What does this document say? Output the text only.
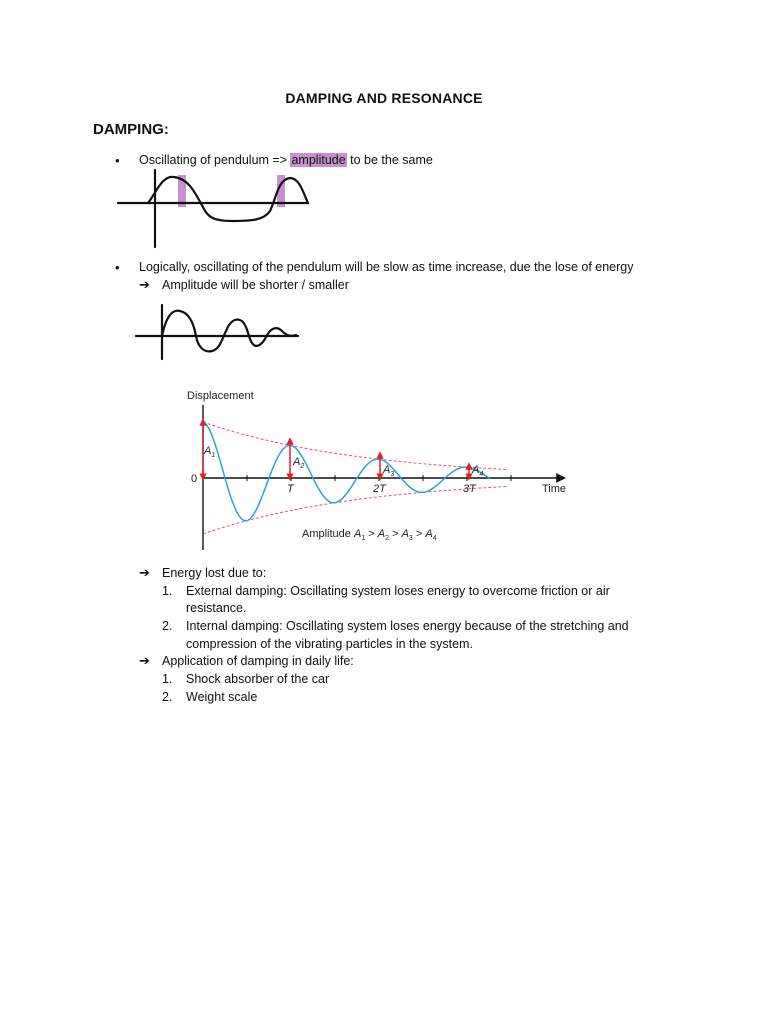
DAMPING AND RESONANCE
DAMPING:
• Oscillating of pendulum => amplitude to be the same
• Logically, oscillating of the pendulum will be slow as time increase, due the lose of energy
➔ Amplitude will be shorter / smaller
Displacement
Time
0
T	2T	3T
$A_1$
$A_2$	$A_3$	$A_4$
Amplitude $A_1 > A_2 > A_3 > A_4$
➔ Energy lost due to:
1. External damping: Oscillating system loses energy to overcome friction or air
resistance.
2. Internal damping: Oscillating system loses energy because of the stretching and
compression of the vibrating particles in the system.
➔ Application of damping in daily life:
1. Shock absorber of the car
2. Weight scale
